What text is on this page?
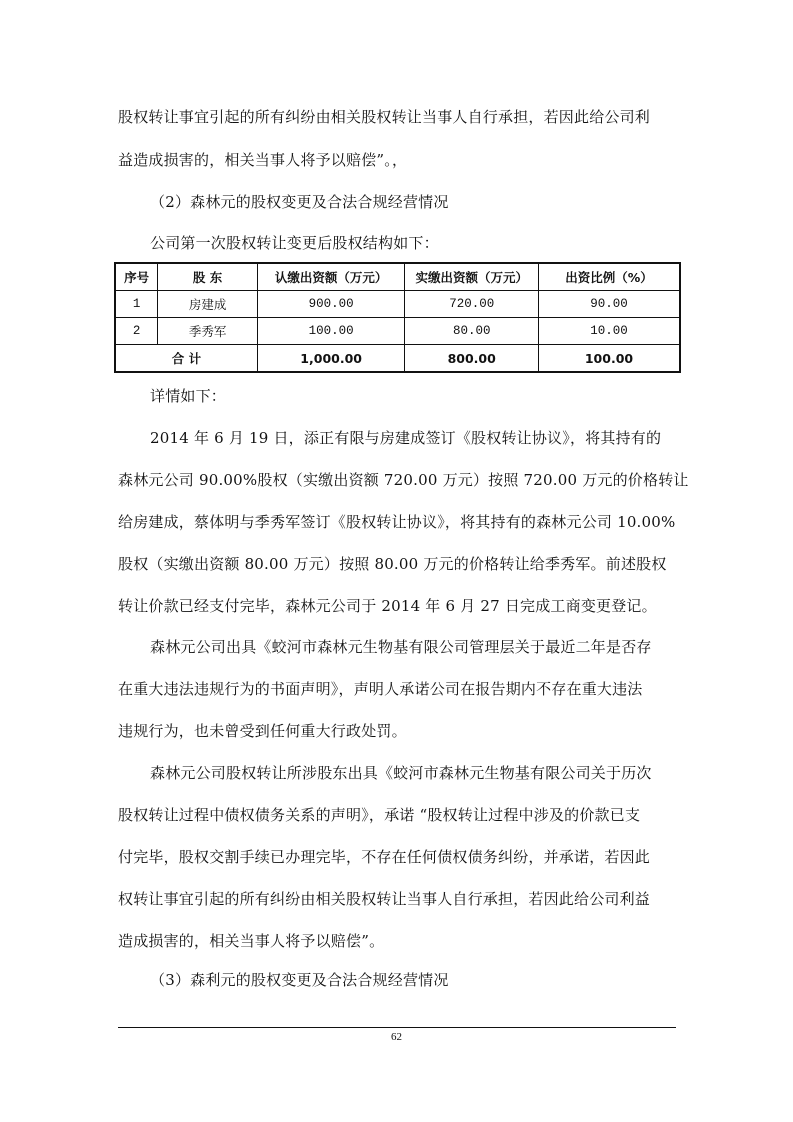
股权转让事宜引起的所有纠纷由相关股权转让当事人自行承担，若因此给公司利
益造成损害的，相关当事人将予以赔偿”。，
（2）森林元的股权变更及合法合规经营情况
公司第一次股权转让变更后股权结构如下：
序号	股 东	认缴出资额（万元）	实缴出资额（万元）	出资比例（%）
1	房建成	900.00	720.00	90.00
2	季秀军	100.00	80.00	10.00
合 计		1,000.00	800.00	100.00
详情如下：
2014 年 6 月 19 日，添正有限与房建成签订《股权转让协议》，将其持有的
森林元公司 90.00%股权（实缴出资额 720.00 万元）按照 720.00 万元的价格转让
给房建成，蔡体明与季秀军签订《股权转让协议》，将其持有的森林元公司 10.00%
股权（实缴出资额 80.00 万元）按照 80.00 万元的价格转让给季秀军。前述股权
转让价款已经支付完毕，森林元公司于 2014 年 6 月 27 日完成工商变更登记。
森林元公司出具《蛟河市森林元生物基有限公司管理层关于最近二年是否存
在重大违法违规行为的书面声明》，声明人承诺公司在报告期内不存在重大违法
违规行为，也未曾受到任何重大行政处罚。
森林元公司股权转让所涉股东出具《蛟河市森林元生物基有限公司关于历次
股权转让过程中债权债务关系的声明》，承诺 “股权转让过程中涉及的价款已支
付完毕，股权交割手续已办理完毕，不存在任何债权债务纠纷，并承诺，若因此
权转让事宜引起的所有纠纷由相关股权转让当事人自行承担，若因此给公司利益
造成损害的，相关当事人将予以赔偿”。
（3）森利元的股权变更及合法合规经营情况
62
